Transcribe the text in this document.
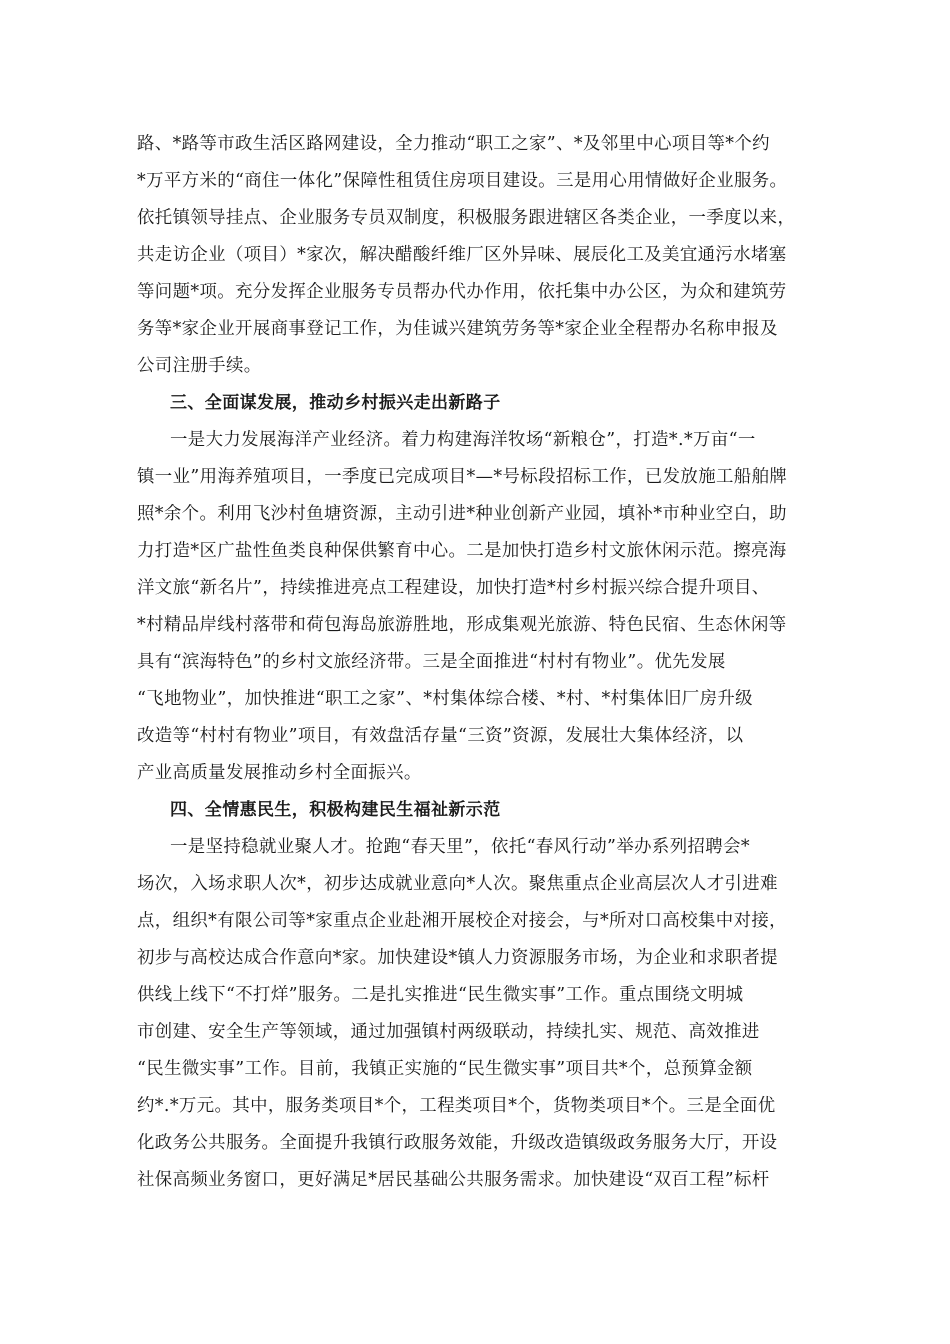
路、*路等市政生活区路网建设，全力推动“职工之家”、*及邻里中心项目等*个约
*万平方米的“商住一体化”保障性租赁住房项目建设。三是用心用情做好企业服务。
依托镇领导挂点、企业服务专员双制度，积极服务跟进辖区各类企业，一季度以来，
共走访企业（项目）*家次，解决醋酸纤维厂区外异味、展辰化工及美宜通污水堵塞
等问题*项。充分发挥企业服务专员帮办代办作用，依托集中办公区，为众和建筑劳
务等*家企业开展商事登记工作，为佳诚兴建筑劳务等*家企业全程帮办名称申报及
公司注册手续。
三、全面谋发展，推动乡村振兴走出新路子
一是大力发展海洋产业经济。着力构建海洋牧场“新粮仓”，打造*.*万亩“一
镇一业”用海养殖项目，一季度已完成项目*—*号标段招标工作，已发放施工船舶牌
照*余个。利用飞沙村鱼塘资源，主动引进*种业创新产业园，填补*市种业空白，助
力打造*区广盐性鱼类良种保供繁育中心。二是加快打造乡村文旅休闲示范。擦亮海
洋文旅“新名片”，持续推进亮点工程建设，加快打造*村乡村振兴综合提升项目、
*村精品岸线村落带和荷包海岛旅游胜地，形成集观光旅游、特色民宿、生态休闲等
具有“滨海特色”的乡村文旅经济带。三是全面推进“村村有物业”。优先发展
“飞地物业”，加快推进“职工之家”、*村集体综合楼、*村、*村集体旧厂房升级
改造等“村村有物业”项目，有效盘活存量“三资”资源，发展壮大集体经济，以
产业高质量发展推动乡村全面振兴。
四、全情惠民生，积极构建民生福祉新示范
一是坚持稳就业聚人才。抢跑“春天里”，依托“春风行动”举办系列招聘会*
场次，入场求职人次*，初步达成就业意向*人次。聚焦重点企业高层次人才引进难
点，组织*有限公司等*家重点企业赴湘开展校企对接会，与*所对口高校集中对接，
初步与高校达成合作意向*家。加快建设*镇人力资源服务市场，为企业和求职者提
供线上线下“不打烊”服务。二是扎实推进“民生微实事”工作。重点围绕文明城
市创建、安全生产等领域，通过加强镇村两级联动，持续扎实、规范、高效推进
“民生微实事”工作。目前，我镇正实施的“民生微实事”项目共*个，总预算金额
约*.*万元。其中，服务类项目*个，工程类项目*个，货物类项目*个。三是全面优
化政务公共服务。全面提升我镇行政服务效能，升级改造镇级政务服务大厅，开设
社保高频业务窗口，更好满足*居民基础公共服务需求。加快建设“双百工程”标杆
